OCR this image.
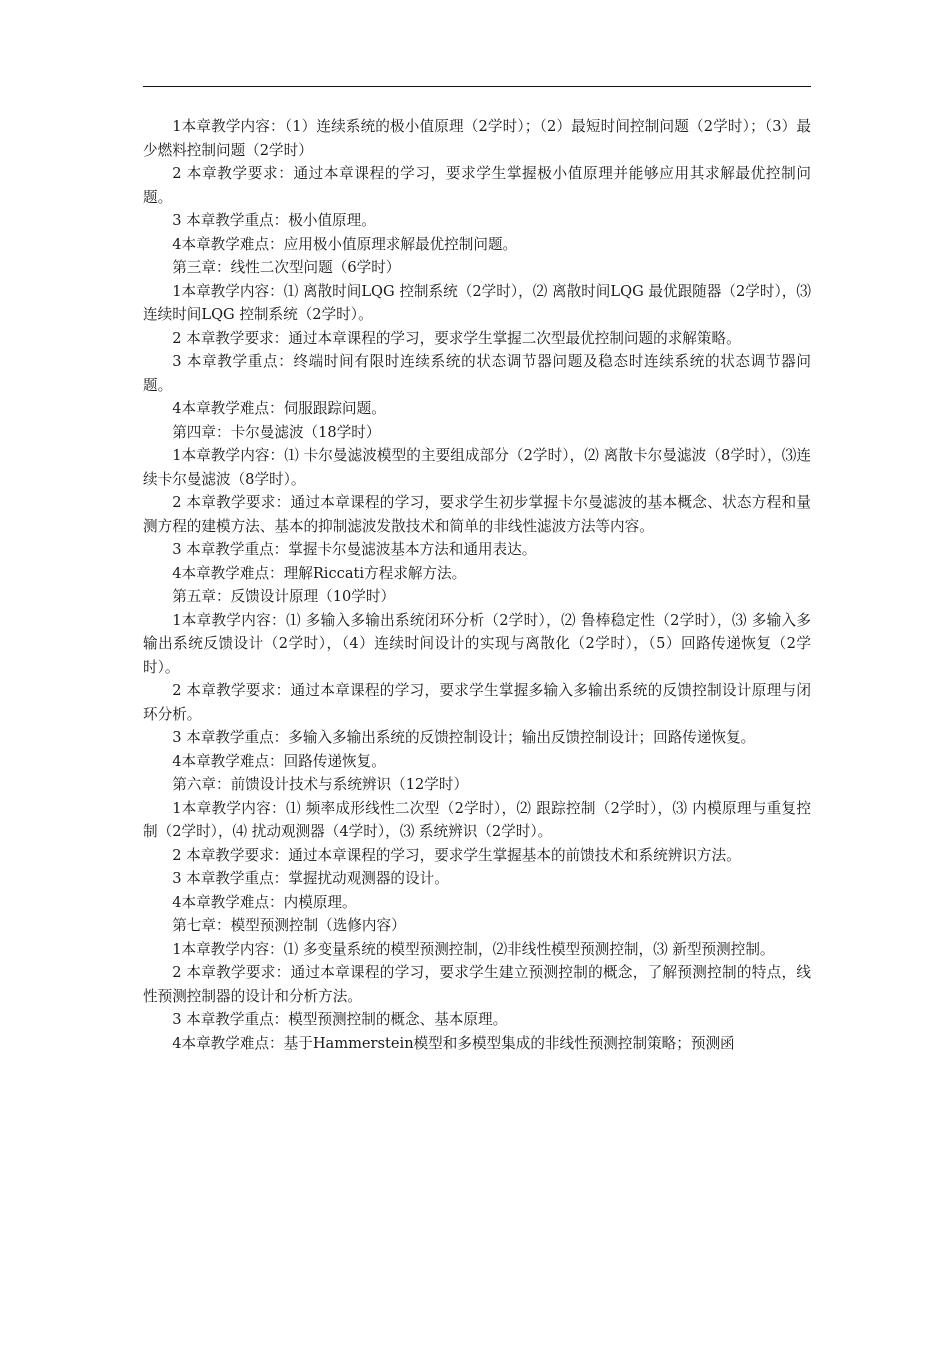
1本章教学内容：（1）连续系统的极小值原理（2学时）；（2）最短时间控制问题（2学时）；（3）最少燃料控制问题（2学时）

2 本章教学要求：通过本章课程的学习，要求学生掌握极小值原理并能够应用其求解最优控制问题。

3 本章教学重点：极小值原理。

4本章教学难点：应用极小值原理求解最优控制问题。

第三章：线性二次型问题（6学时）

1本章教学内容：⑴ 离散时间LQG 控制系统（2学时），⑵ 离散时间LQG 最优跟随器（2学时），⑶ 连续时间LQG 控制系统（2学时）。

2 本章教学要求：通过本章课程的学习，要求学生掌握二次型最优控制问题的求解策略。

3 本章教学重点：终端时间有限时连续系统的状态调节器问题及稳态时连续系统的状态调节器问题。

4本章教学难点：伺服跟踪问题。

第四章：卡尔曼滤波（18学时）

1本章教学内容：⑴ 卡尔曼滤波模型的主要组成部分（2学时），⑵ 离散卡尔曼滤波（8学时），⑶连续卡尔曼滤波（8学时）。

2 本章教学要求：通过本章课程的学习，要求学生初步掌握卡尔曼滤波的基本概念、状态方程和量测方程的建模方法、基本的抑制滤波发散技术和简单的非线性滤波方法等内容。

3 本章教学重点：掌握卡尔曼滤波基本方法和通用表达。

4本章教学难点：理解Riccati方程求解方法。

第五章：反馈设计原理（10学时）

1本章教学内容：⑴ 多输入多输出系统闭环分析（2学时），⑵ 鲁棒稳定性（2学时），⑶ 多输入多输出系统反馈设计（2学时），（4）连续时间设计的实现与离散化（2学时），（5）回路传递恢复（2学时）。

2 本章教学要求：通过本章课程的学习，要求学生掌握多输入多输出系统的反馈控制设计原理与闭环分析。

3 本章教学重点：多输入多输出系统的反馈控制设计；输出反馈控制设计；回路传递恢复。

4本章教学难点：回路传递恢复。

第六章：前馈设计技术与系统辨识（12学时）

1本章教学内容：⑴ 频率成形线性二次型（2学时），⑵ 跟踪控制（2学时），⑶ 内模原理与重复控制（2学时），⑷ 扰动观测器（4学时），⑶ 系统辨识（2学时）。

2 本章教学要求：通过本章课程的学习，要求学生掌握基本的前馈技术和系统辨识方法。

3 本章教学重点：掌握扰动观测器的设计。

4本章教学难点：内模原理。

第七章：模型预测控制（选修内容）

1本章教学内容：⑴ 多变量系统的模型预测控制，⑵非线性模型预测控制，⑶ 新型预测控制。

2 本章教学要求：通过本章课程的学习，要求学生建立预测控制的概念，了解预测控制的特点，线性预测控制器的设计和分析方法。

3 本章教学重点：模型预测控制的概念、基本原理。

4本章教学难点：基于Hammerstein模型和多模型集成的非线性预测控制策略；预测函
